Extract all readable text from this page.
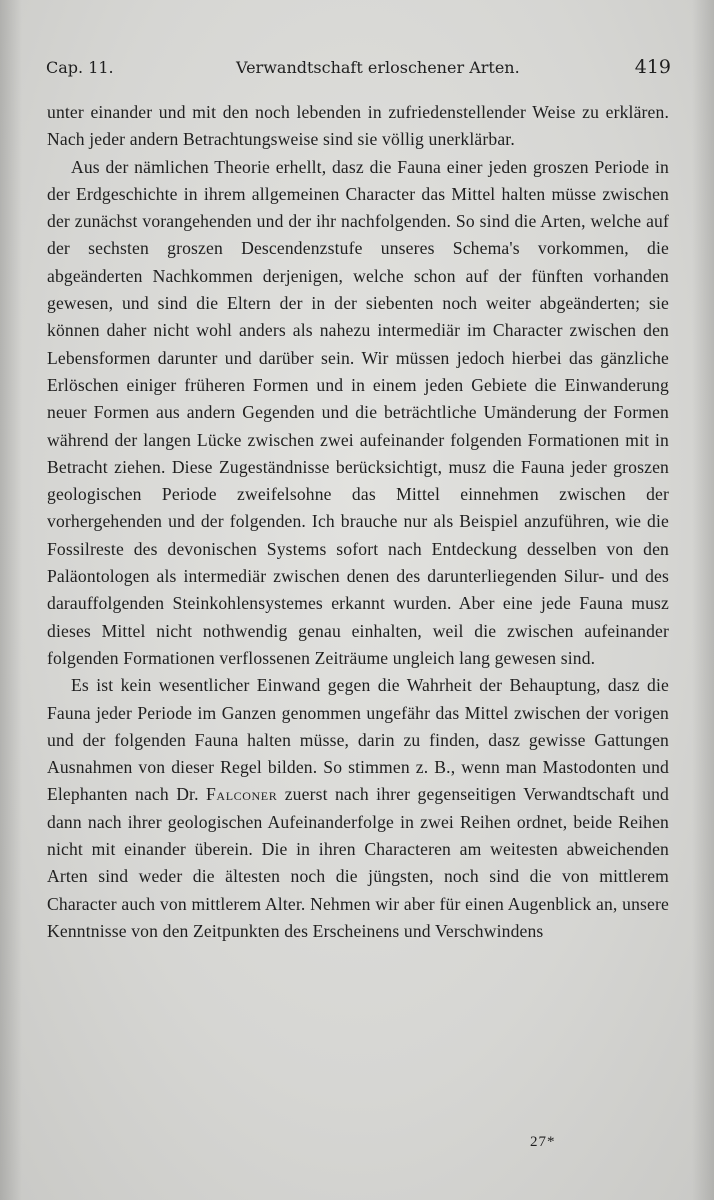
Cap. 11.	Verwandtschaft erloschener Arten.	419

unter einander und mit den noch lebenden in zufriedenstellender Weise zu erklären. Nach jeder andern Betrachtungsweise sind sie völlig unerklärbar.

Aus der nämlichen Theorie erhellt, dasz die Fauna einer jeden groszen Periode in der Erdgeschichte in ihrem allgemeinen Character das Mittel halten müsse zwischen der zunächst vorangehenden und der ihr nachfolgenden. So sind die Arten, welche auf der sechsten groszen Descendenzstufe unseres Schema's vorkommen, die abgeänderten Nachkommen derjenigen, welche schon auf der fünften vorhanden gewesen, und sind die Eltern der in der siebenten noch weiter abgeänderten; sie können daher nicht wohl anders als nahezu intermediär im Character zwischen den Lebensformen darunter und darüber sein. Wir müssen jedoch hierbei das gänzliche Erlöschen einiger früheren Formen und in einem jeden Gebiete die Einwanderung neuer Formen aus andern Gegenden und die beträchtliche Umänderung der Formen während der langen Lücke zwischen zwei aufeinander folgenden Formationen mit in Betracht ziehen. Diese Zugeständnisse berücksichtigt, musz die Fauna jeder groszen geologischen Periode zweifelsohne das Mittel einnehmen zwischen der vorhergehenden und der folgenden. Ich brauche nur als Beispiel anzuführen, wie die Fossilreste des devonischen Systems sofort nach Entdeckung desselben von den Paläontologen als intermediär zwischen denen des darunterliegenden Silur- und des darauffolgenden Steinkohlensystemes erkannt wurden. Aber eine jede Fauna musz dieses Mittel nicht nothwendig genau einhalten, weil die zwischen aufeinander folgenden Formationen verflossenen Zeiträume ungleich lang gewesen sind.

Es ist kein wesentlicher Einwand gegen die Wahrheit der Behauptung, dasz die Fauna jeder Periode im Ganzen genommen ungefähr das Mittel zwischen der vorigen und der folgenden Fauna halten müsse, darin zu finden, dasz gewisse Gattungen Ausnahmen von dieser Regel bilden. So stimmen z. B., wenn man Mastodonten und Elephanten nach Dr. Falconer zuerst nach ihrer gegenseitigen Verwandtschaft und dann nach ihrer geologischen Aufeinanderfolge in zwei Reihen ordnet, beide Reihen nicht mit einander überein. Die in ihren Characteren am weitesten abweichenden Arten sind weder die ältesten noch die jüngsten, noch sind die von mittlerem Character auch von mittlerem Alter. Nehmen wir aber für einen Augenblick an, unsere Kenntnisse von den Zeitpunkten des Erscheinens und Verschwindens

27*
